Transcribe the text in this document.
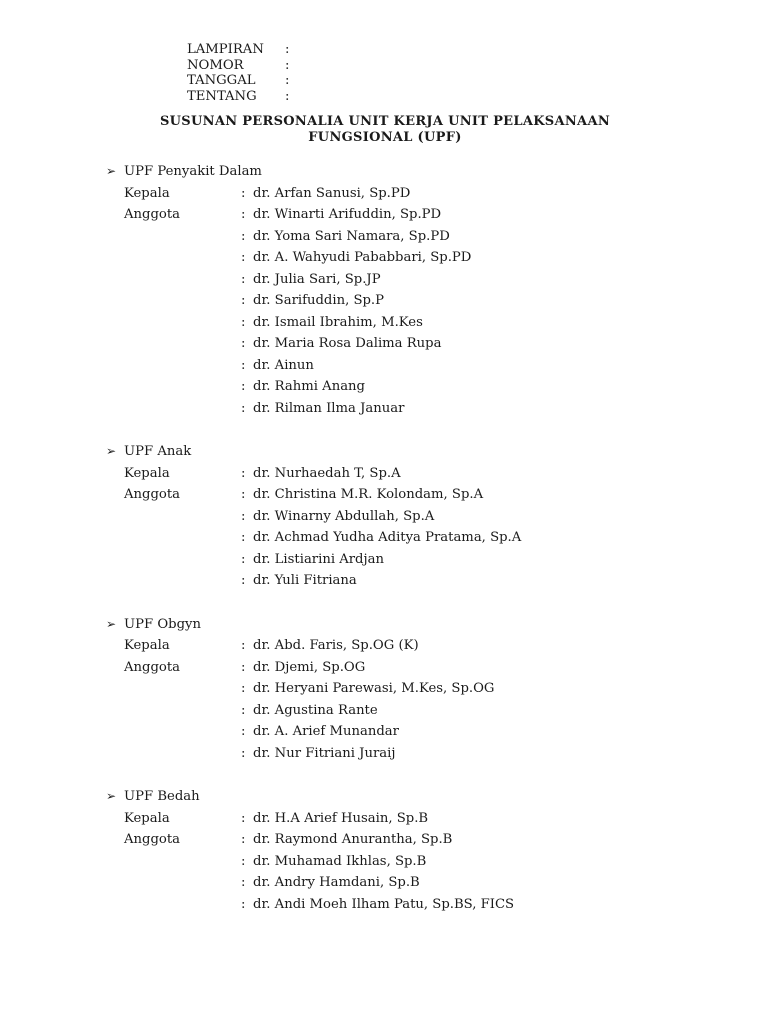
LAMPIRAN	:
NOMOR	:
TANGGAL	:
TENTANG	:
SUSUNAN PERSONALIA UNIT KERJA UNIT PELAKSANAAN
FUNGSIONAL (UPF)
➢ UPF Penyakit Dalam
Kepala	: dr. Arfan Sanusi, Sp.PD
Anggota	: dr. Winarti Arifuddin, Sp.PD
: dr. Yoma Sari Namara, Sp.PD
: dr. A. Wahyudi Pababbari, Sp.PD
: dr. Julia Sari, Sp.JP
: dr. Sarifuddin, Sp.P
: dr. Ismail Ibrahim, M.Kes
: dr. Maria Rosa Dalima Rupa
: dr. Ainun
: dr. Rahmi Anang
: dr. Rilman Ilma Januar
➢ UPF Anak
Kepala	: dr. Nurhaedah T, Sp.A
Anggota	: dr. Christina M.R. Kolondam, Sp.A
: dr. Winarny Abdullah, Sp.A
: dr. Achmad Yudha Aditya Pratama, Sp.A
: dr. Listiarini Ardjan
: dr. Yuli Fitriana
➢ UPF Obgyn
Kepala	: dr. Abd. Faris, Sp.OG (K)
Anggota	: dr. Djemi, Sp.OG
: dr. Heryani Parewasi, M.Kes, Sp.OG
: dr. Agustina Rante
: dr. A. Arief Munandar
: dr. Nur Fitriani Juraij
➢ UPF Bedah
Kepala	: dr. H.A Arief Husain, Sp.B
Anggota	: dr. Raymond Anurantha, Sp.B
: dr. Muhamad Ikhlas, Sp.B
: dr. Andry Hamdani, Sp.B
: dr. Andi Moeh Ilham Patu, Sp.BS, FICS
